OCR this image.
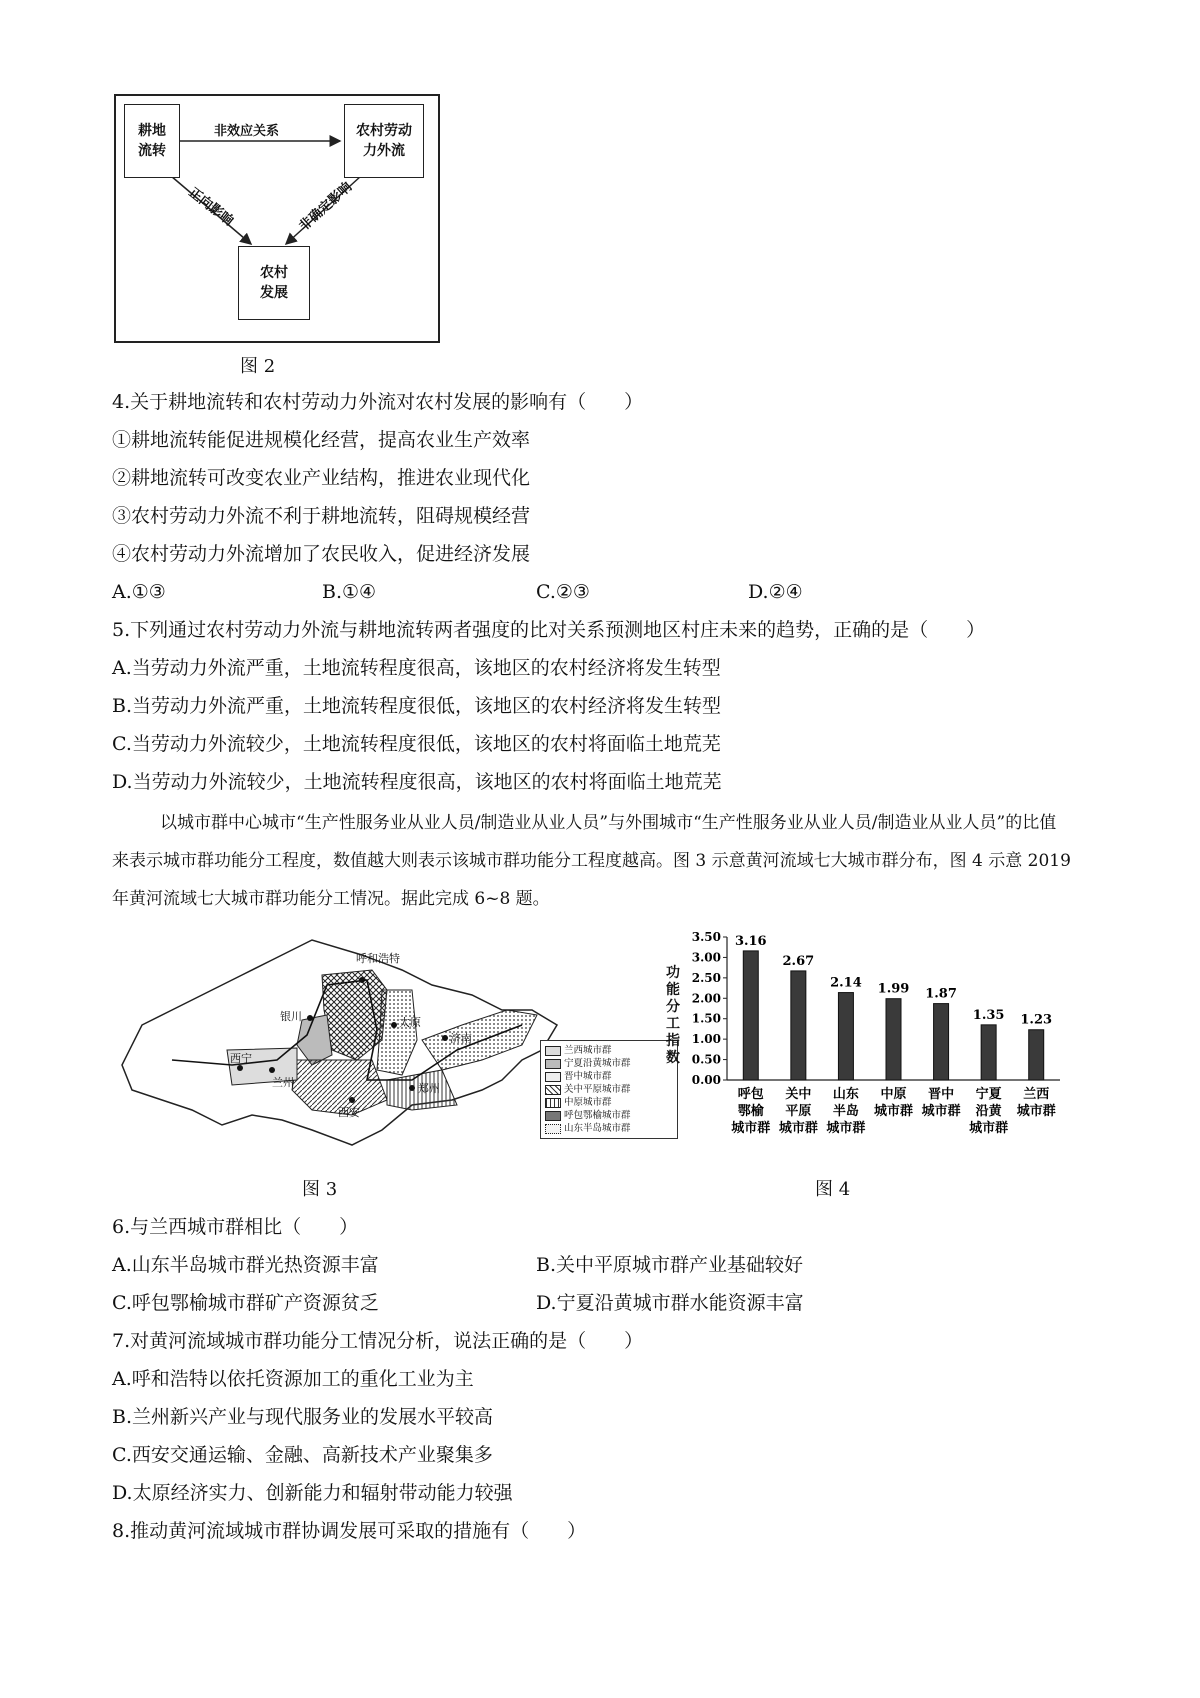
耕地
流转
农村劳动
力外流
农村
发展
非效应关系
正向影响	非确定影响
图 2
4.关于耕地流转和农村劳动力外流对农村发展的影响有（　　）
①耕地流转能促进规模化经营，提高农业生产效率
②耕地流转可改变农业产业结构，推进农业现代化
③农村劳动力外流不利于耕地流转，阻碍规模经营
④农村劳动力外流增加了农民收入，促进经济发展
A.①③	B.①④	C.②③	D.②④
5.下列通过农村劳动力外流与耕地流转两者强度的比对关系预测地区村庄未来的趋势，正确的是（　　）
A.当劳动力外流严重，土地流转程度很高，该地区的农村经济将发生转型
B.当劳动力外流严重，土地流转程度很低，该地区的农村经济将发生转型
C.当劳动力外流较少，土地流转程度很低，该地区的农村将面临土地荒芜
D.当劳动力外流较少，土地流转程度很高，该地区的农村将面临土地荒芜
以城市群中心城市“生产性服务业从业人员/制造业从业人员”与外围城市“生产性服务业从业人员/制造业从业人员”的比值来表示城市群功能分工程度，数值越大则表示该城市群功能分工程度越高。图 3 示意黄河流域七大城市群分布，图 4 示意 2019 年黄河流域七大城市群功能分工情况。据此完成 6~8 题。
呼和浩特
银川	太原
西宁
兰州
济南
郑州
西安
兰西城市群
宁夏沿黄城市群
晋中城市群
关中平原城市群
中原城市群
呼包鄂榆城市群
山东半岛城市群
图 3
功能分工指数
0.00
0.50
1.00
1.50
2.00
2.50
3.00
3.50 3.16
呼包
鄂榆
城市群
2.67
关中
平原
城市群
2.14
山东
半岛
城市群
1.99
中原
城市群
1.87
晋中
城市群
1.35
宁夏
沿黄
城市群
1.23
兰西
城市群
图 4
6.与兰西城市群相比（　　）
A.山东半岛城市群光热资源丰富	B.关中平原城市群产业基础较好
C.呼包鄂榆城市群矿产资源贫乏	D.宁夏沿黄城市群水能资源丰富
7.对黄河流域城市群功能分工情况分析，说法正确的是（　　）
A.呼和浩特以依托资源加工的重化工业为主
B.兰州新兴产业与现代服务业的发展水平较高
C.西安交通运输、金融、高新技术产业聚集多
D.太原经济实力、创新能力和辐射带动能力较强
8.推动黄河流域城市群协调发展可采取的措施有（　　）
